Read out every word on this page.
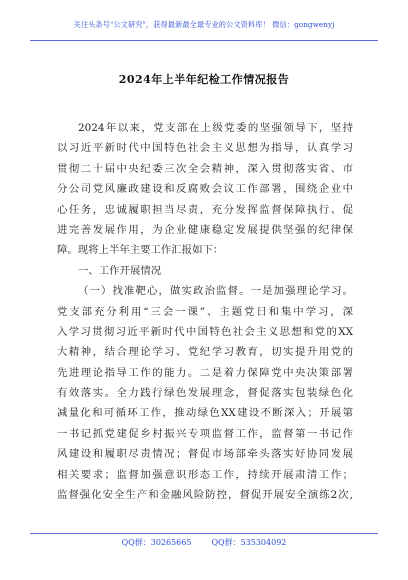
关注头条号"公文研究"，获得最新最全最专业的公文资料库！ 微信：gongwenyj
2024年上半年纪检工作情况报告
2024年以来，党支部在上级党委的坚强领导下，坚持
以习近平新时代中国特色社会主义思想为指导，认真学习
贯彻二十届中央纪委三次全会精神，深入贯彻落实省、市
分公司党风廉政建设和反腐败会议工作部署，围绕企业中
心任务，忠诚履职担当尽责，充分发挥监督保障执行、促
进完善发展作用，为企业健康稳定发展提供坚强的纪律保
障。现将上半年主要工作汇报如下：
一、工作开展情况
（一）找准靶心，做实政治监督。一是加强理论学习。
党支部充分利用“三会一课”、主题党日和集中学习，深
入学习贯彻习近平新时代中国特色社会主义思想和党的XX
大精神，结合理论学习、党纪学习教育，切实提升用党的
先进理论指导工作的能力。二是着力保障党中央决策部署
有效落实。全力践行绿色发展理念，督促落实包装绿色化
减量化和可循环工作，推动绿色XX建设不断深入；开展第
一书记抓党建促乡村振兴专项监督工作，监督第一书记作
风建设和履职尽责情况；督促市场部牵头落实好协同发展
相关要求；监督加强意识形态工作，持续开展肃清工作；
监督强化安全生产和金融风险防控，督促开展安全演练2次,
QQ群：30265665	QQ群：535304092
